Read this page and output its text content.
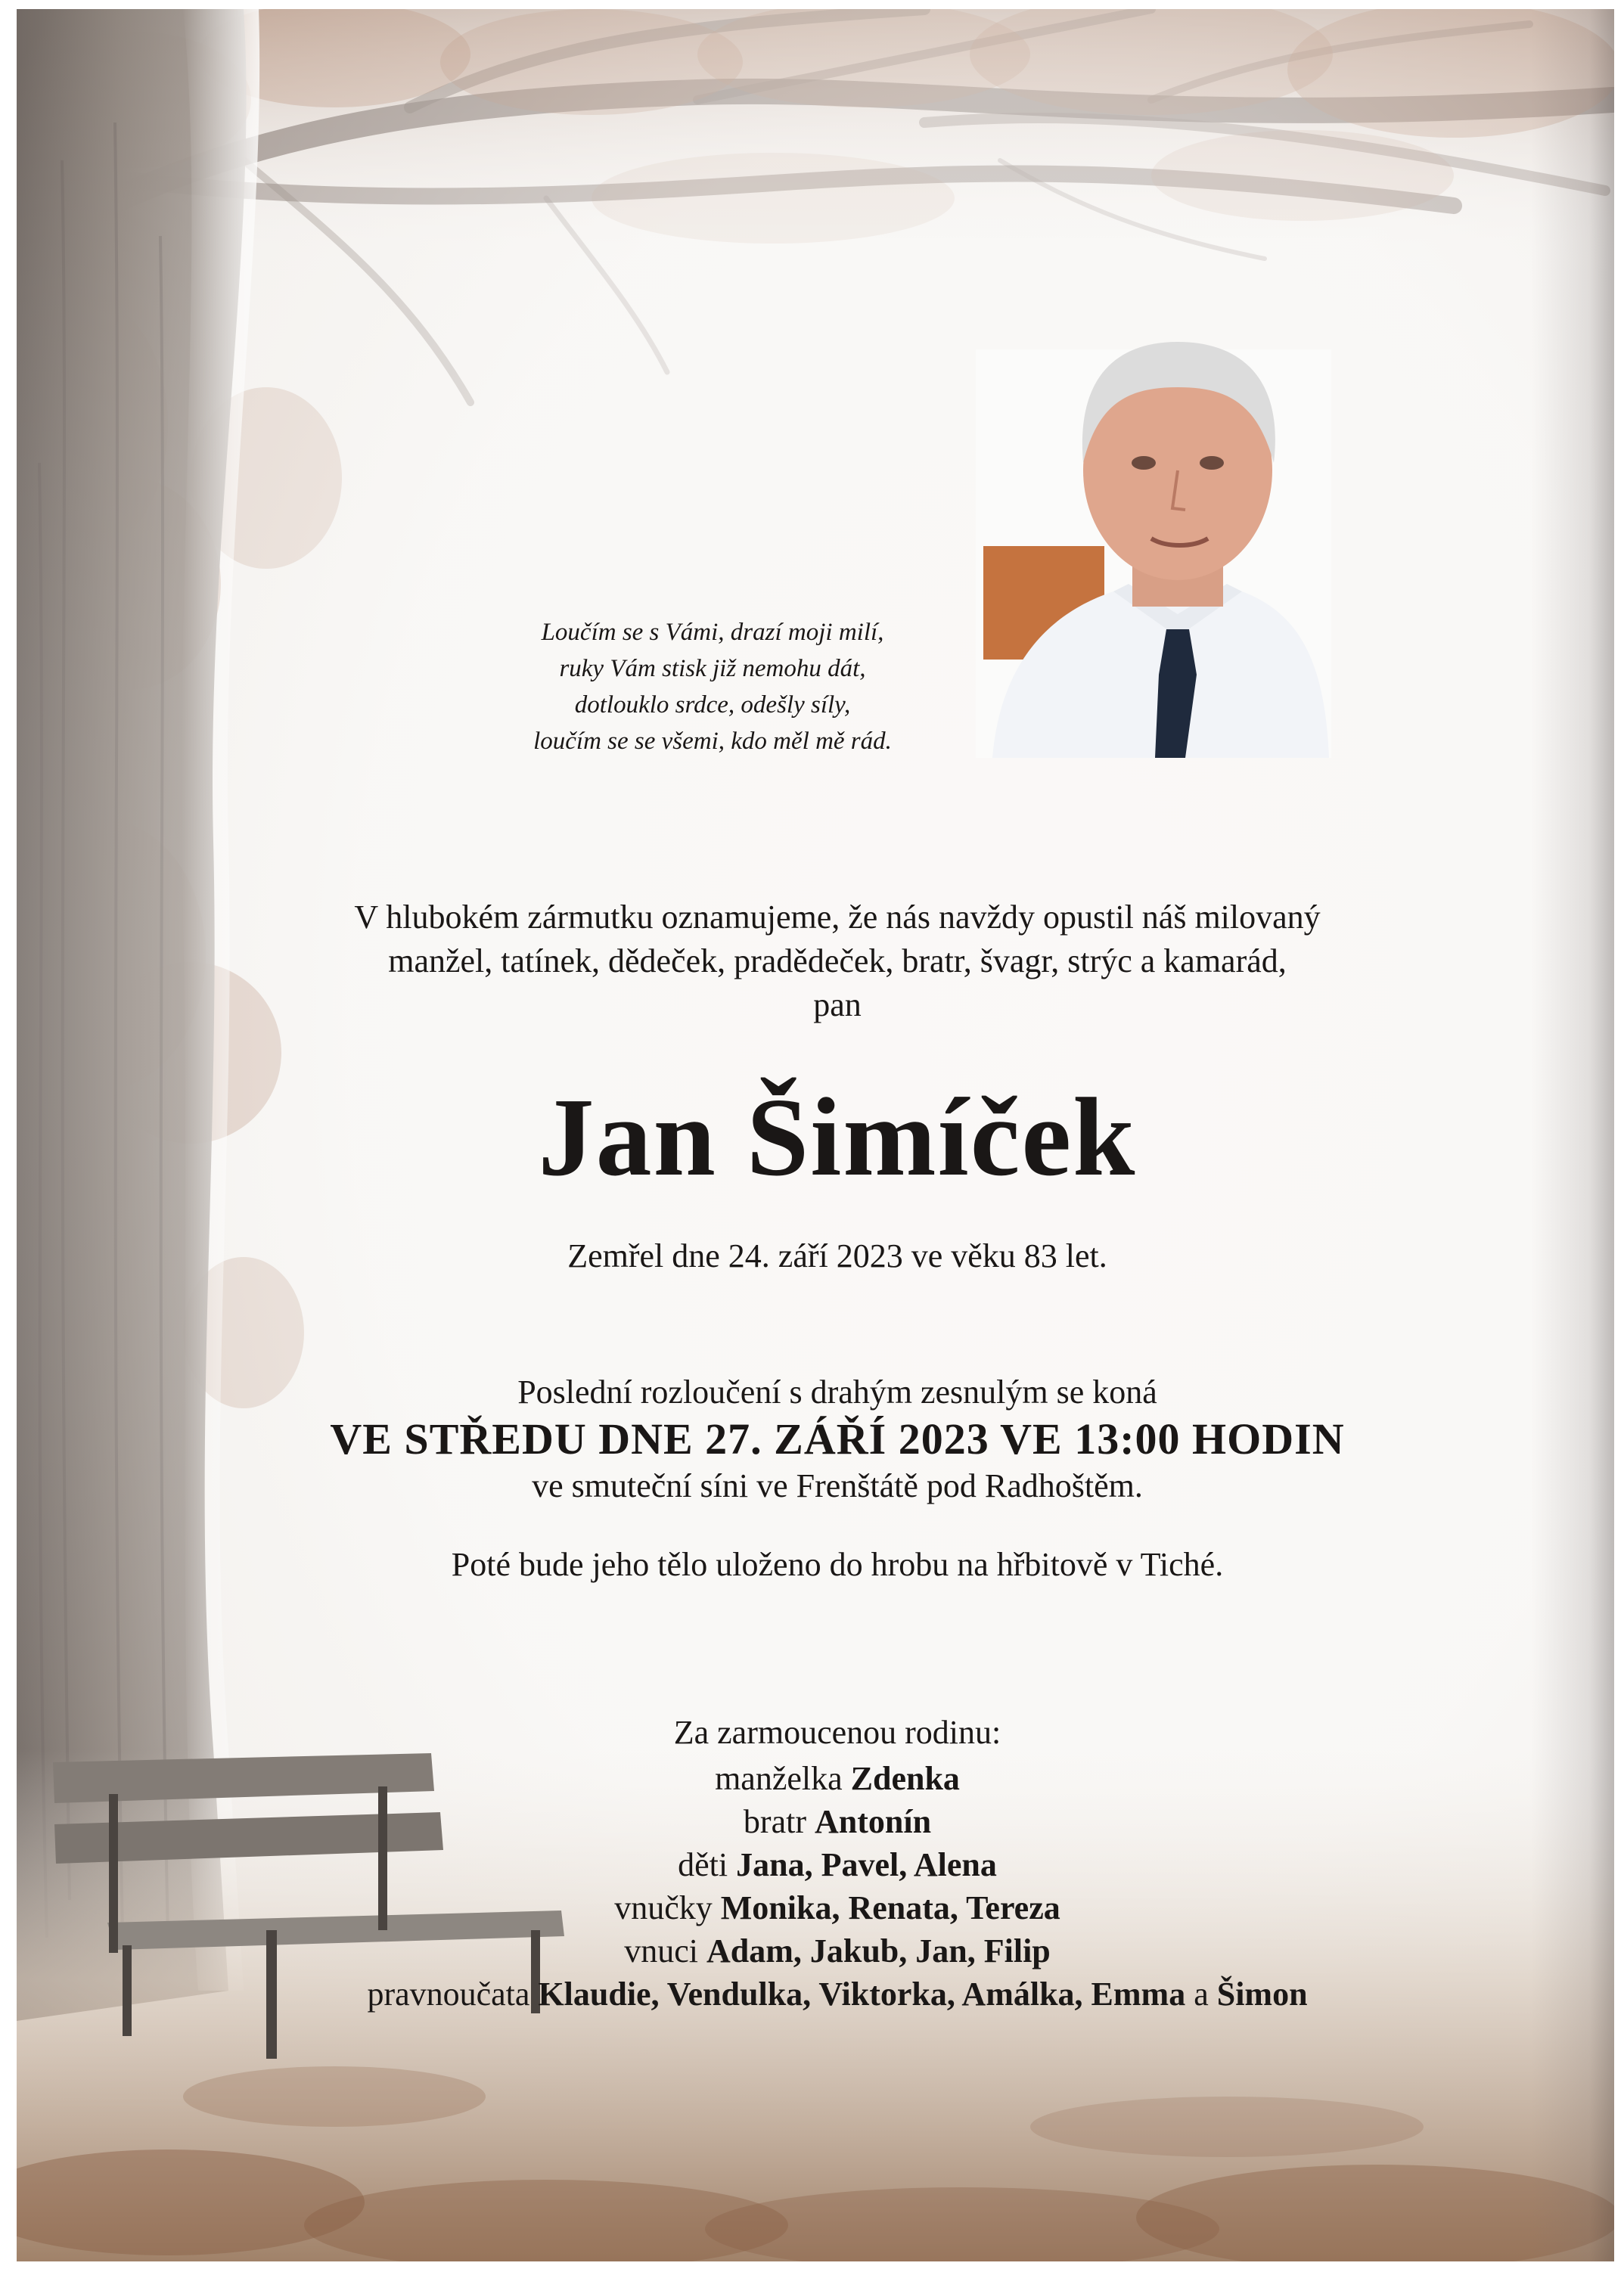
Loučím se s Vámi, drazí moji milí,
ruky Vám stisk již nemohu dát,
dotlouklo srdce, odešly síly,
loučím se se všemi, kdo měl mě rád.
V hlubokém zármutku oznamujeme, že nás navždy opustil náš milovaný
manžel, tatínek, dědeček, pradědeček, bratr, švagr, strýc a kamarád,
pan
Jan Šimíček
Zemřel dne 24. září 2023 ve věku 83 let.
Poslední rozloučení s drahým zesnulým se koná
VE STŘEDU DNE 27. ZÁŘÍ 2023 VE 13:00 HODIN
ve smuteční síni ve Frenštátě pod Radhoštěm.
Poté bude jeho tělo uloženo do hrobu na hřbitově v Tiché.
Za zarmoucenou rodinu:
manželka Zdenka
bratr Antonín
děti Jana, Pavel, Alena
vnučky Monika, Renata, Tereza
vnuci Adam, Jakub, Jan, Filip
pravnoučata Klaudie, Vendulka, Viktorka, Amálka, Emma a Šimon
